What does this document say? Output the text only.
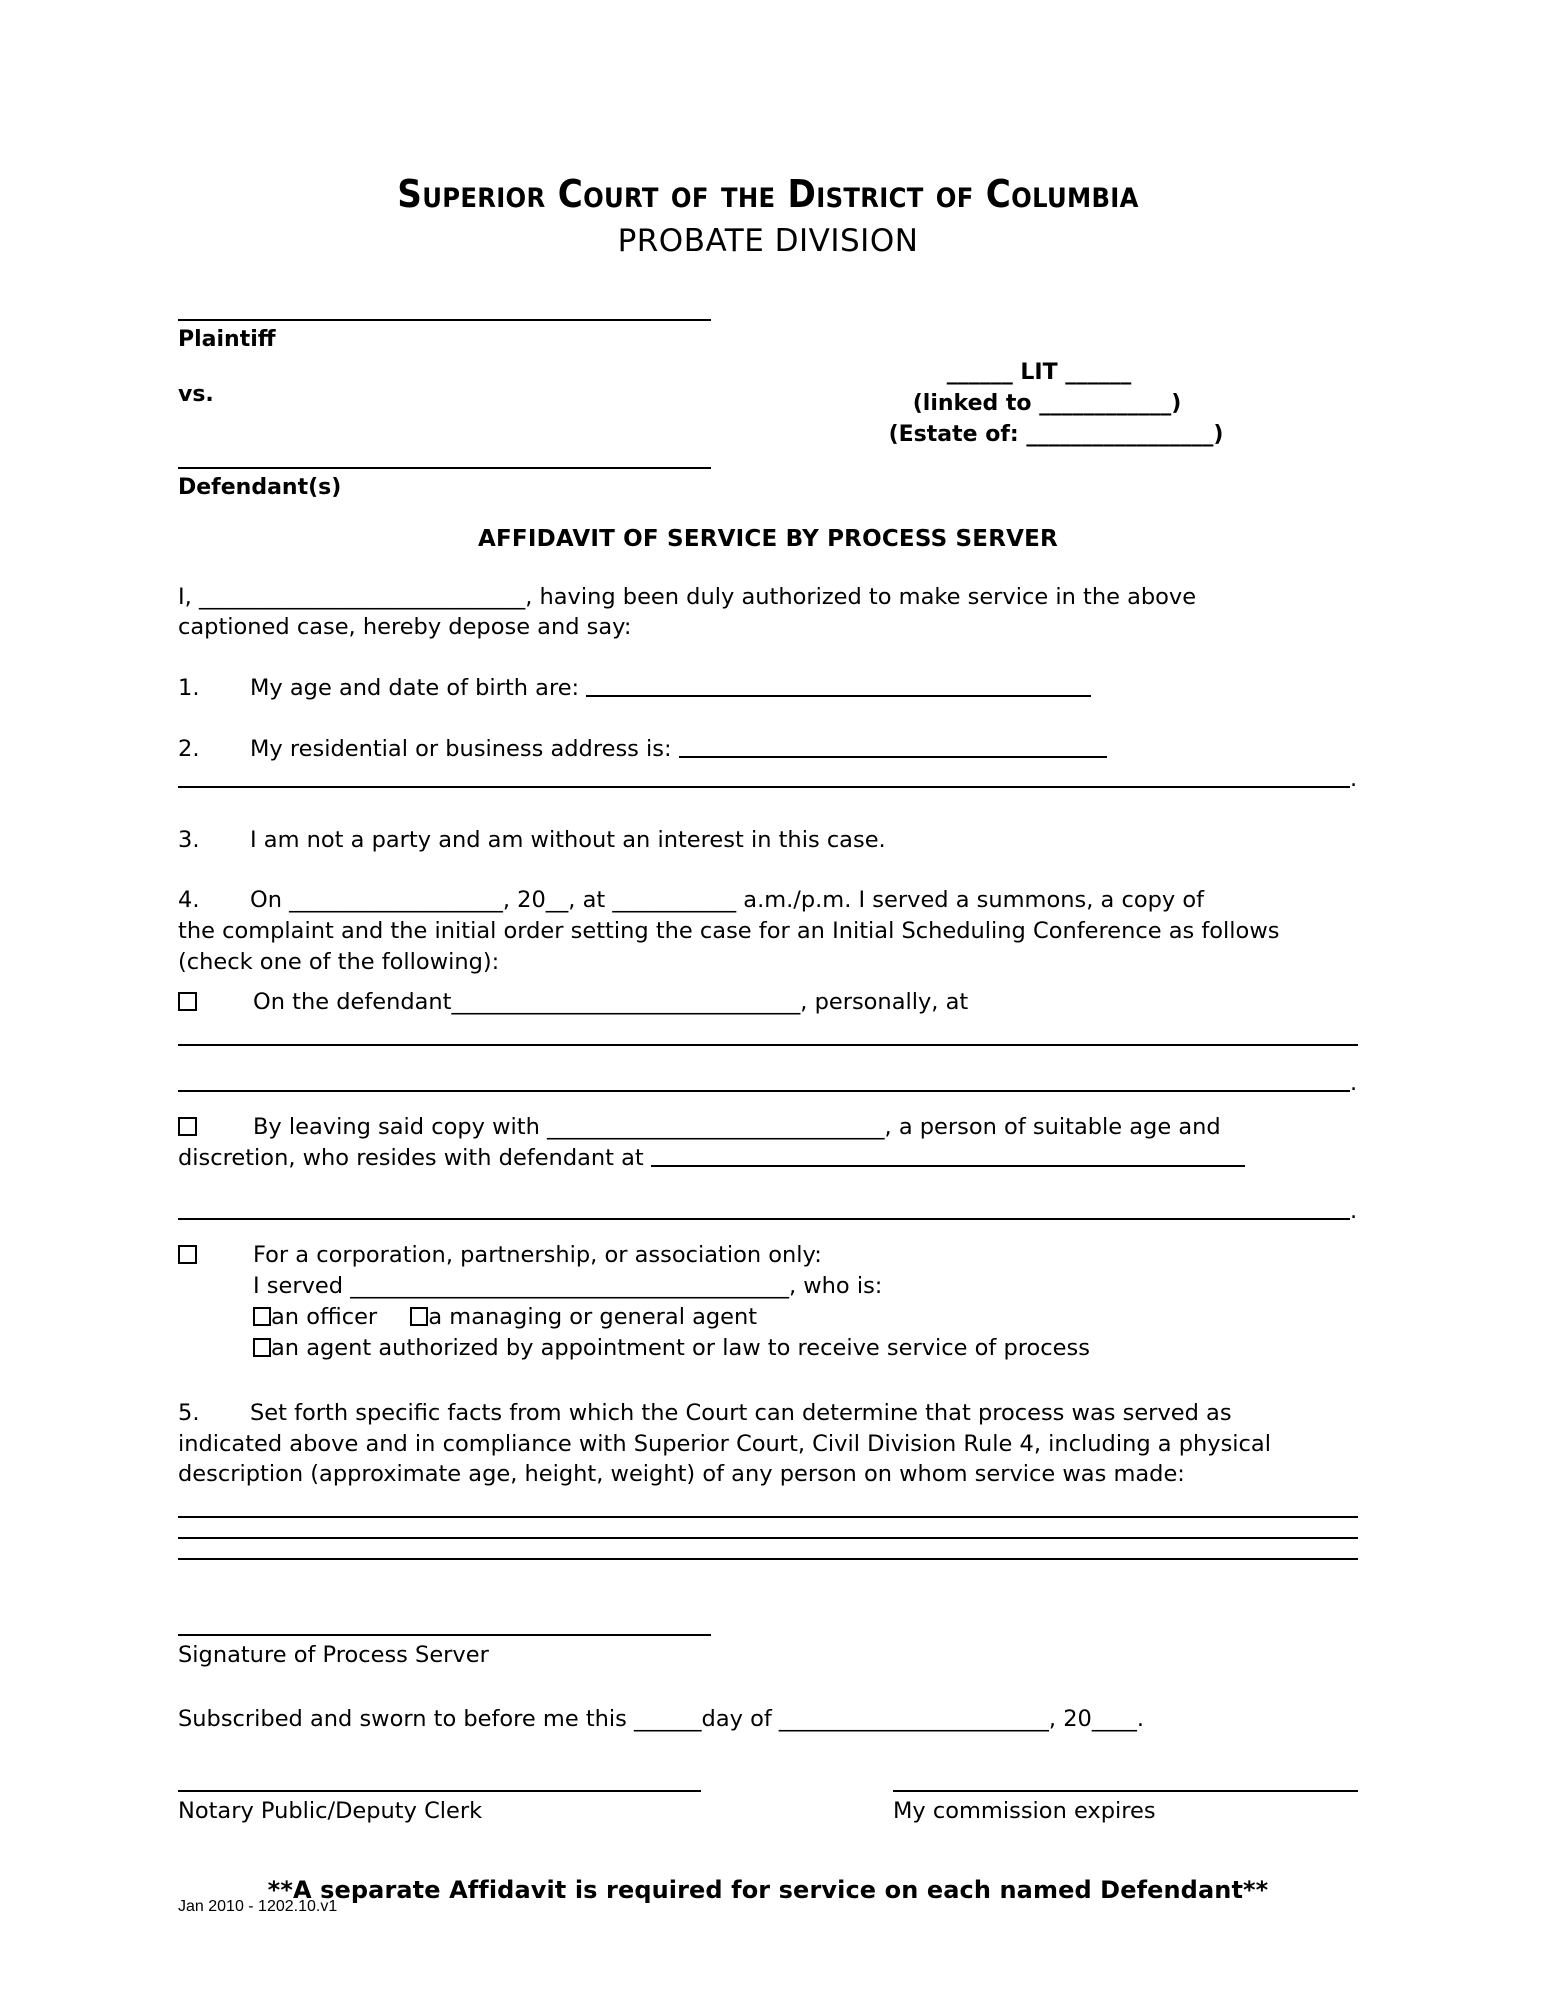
Superior Court of the District of Columbia
PROBATE DIVISION
Plaintiff
vs.
Defendant(s)
______ LIT ______
(linked to ____________)
(Estate of: _________________)
AFFIDAVIT OF SERVICE BY PROCESS SERVER
I, _____________________________, having been duly authorized to make service in the above
captioned case, hereby depose and say:
1. My age and date of birth are:
2. My residential or business address is:
.
3. I am not a party and am without an interest in this case.
4. On ___________________, 20__, at ___________ a.m./p.m. I served a summons, a copy of
the complaint and the initial order setting the case for an Initial Scheduling Conference as follows
(check one of the following):
On the defendant_______________________________, personally, at
.
By leaving said copy with ______________________________, a person of suitable age and
discretion, who resides with defendant at
.
For a corporation, partnership, or association only:
I served _______________________________________, who is:
an officer a managing or general agent
an agent authorized by appointment or law to receive service of process
5. Set forth specific facts from which the Court can determine that process was served as
indicated above and in compliance with Superior Court, Civil Division Rule 4, including a physical
description (approximate age, height, weight) of any person on whom service was made:
Signature of Process Server
Subscribed and sworn to before me this ______day of ________________________, 20____.
Notary Public/Deputy Clerk	My commission expires
**A separate Affidavit is required for service on each named Defendant**
Jan 2010 - 1202.10.v1
